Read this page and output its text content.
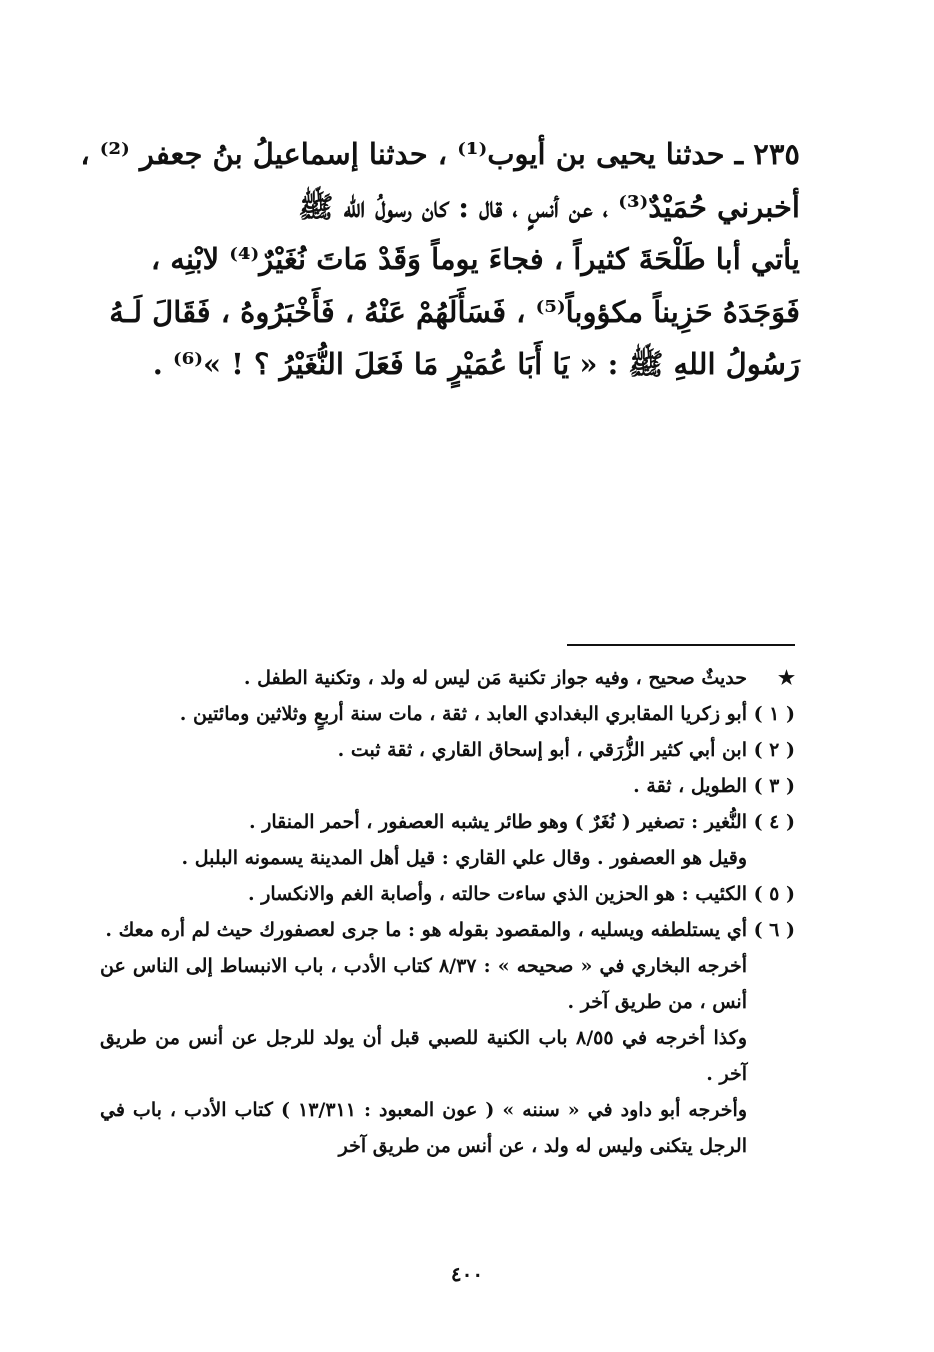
٢٣٥ ـ حدثنا يحيى بن أيوب⁽¹⁾ ، حدثنا إسماعيلُ بنُ جعفر ⁽²⁾ ،
أخبرني حُمَيْدٌ⁽³⁾ ، عن أنسٍ ، قال : كان رسولُ الله ﷺ
يأتي أبا طَلْحَةَ كثيراً ، فجاءَ يوماً وَقَدْ مَاتَ نُغَيْرٌ⁽⁴⁾ لابْنِه ،
فَوَجَدَهُ حَزِيناً مكؤوباً⁽⁵⁾ ، فَسَأَلَهُمْ عَنْهُ ، فَأَخْبَرُوهُ ، فَقَالَ لَـهُ
رَسُولُ اللهِ ﷺ : « يَا أَبَا عُمَيْرٍ مَا فَعَلَ النُّغَيْرُ ؟ ! »⁽⁶⁾ .
★
حديثٌ صحيح ، وفيه جواز تكنية مَن ليس له ولد ، وتكنية الطفل .
( ١ )
أبو زكريا المقابري البغدادي العابد ، ثقة ، مات سنة أربعٍ وثلاثين ومائتين .
( ٢ )
ابن أبي كثير الزُّرَقي ، أبو إسحاق القاري ، ثقة ثبت .
( ٣ )
الطويل ، ثقة .
( ٤ )
النُّغير : تصغير ( نُغَرٌ ) وهو طائر يشبه العصفور ، أحمر المنقار .
وقيل هو العصفور . وقال علي القاري : قيل أهل المدينة يسمونه البلبل .
( ٥ )
الكئيب : هو الحزين الذي ساءت حالته ، وأصابة الغم والانكسار .
( ٦ )
أي يستلطفه ويسليه ، والمقصود بقوله هو : ما جرى لعصفورك حيث لم أره معك .
أخرجه البخاري في « صحيحه » : ٨/٣٧ كتاب الأدب ، باب الانبساط إلى الناس عن أنس ، من طريق آخر .
وكذا أخرجه في ٨/٥٥ باب الكنية للصبي قبل أن يولد للرجل عن أنس من طريق آخر .
وأخرجه أبو داود في « سننه » ( عون المعبود : ١٣/٣١١ ) كتاب الأدب ، باب في الرجل يتكنى وليس له ولد ، عن أنس من طريق آخر
٤٠٠
